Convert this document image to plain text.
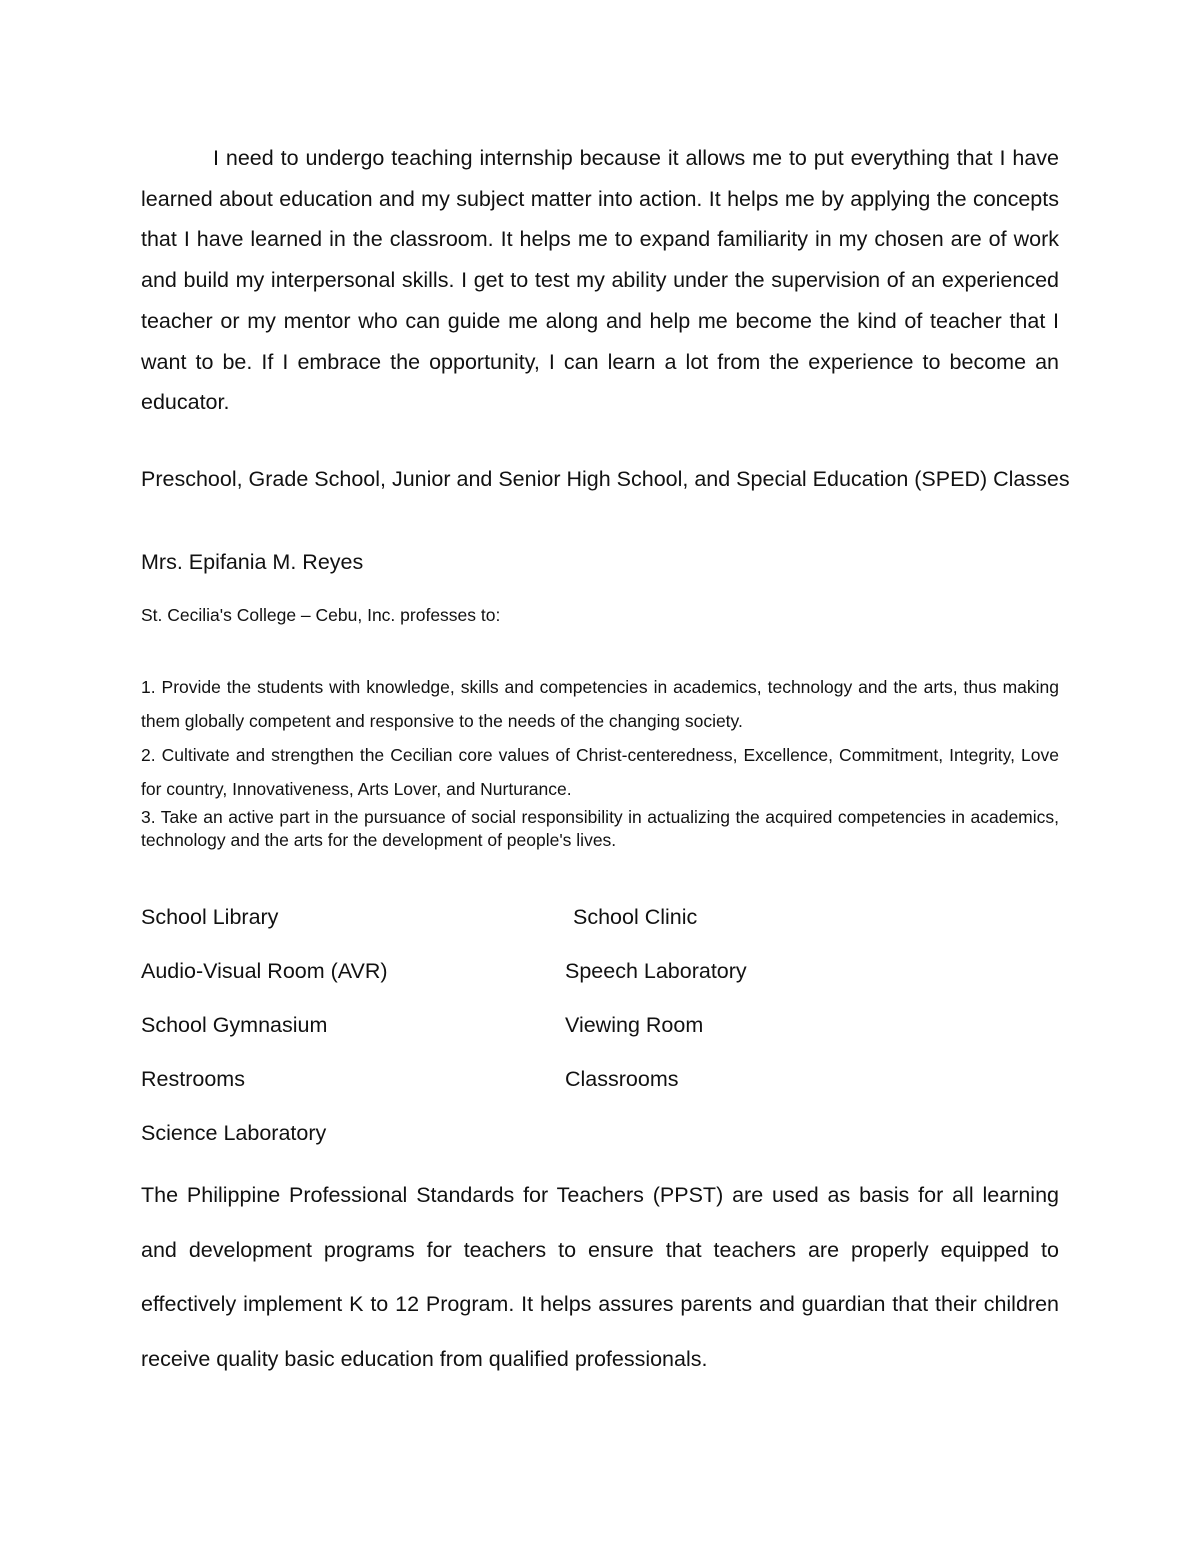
I need to undergo teaching internship because it allows me to put everything that I have learned about education and my subject matter into action. It helps me by applying the concepts that I have learned in the classroom. It helps me to expand familiarity in my chosen are of work and build my interpersonal skills. I get to test my ability under the supervision of an experienced teacher or my mentor who can guide me along and help me become the kind of teacher that I want to be. If I embrace the opportunity, I can learn a lot from the experience to become an educator.

Preschool, Grade School, Junior and Senior High School, and Special Education (SPED) Classes

Mrs. Epifania M. Reyes

St. Cecilia's College – Cebu, Inc. professes to:

1. Provide the students with knowledge, skills and competencies in academics, technology and the arts, thus making them globally competent and responsive to the needs of the changing society.

2. Cultivate and strengthen the Cecilian core values of Christ-centeredness, Excellence, Commitment, Integrity, Love for country, Innovativeness, Arts Lover, and Nurturance.

3. Take an active part in the pursuance of social responsibility in actualizing the acquired competencies in academics, technology and the arts for the development of people's lives.

School Library	School Clinic
Audio-Visual Room (AVR)	Speech Laboratory
School Gymnasium	Viewing Room
Restrooms	Classrooms
Science Laboratory

The Philippine Professional Standards for Teachers (PPST) are used as basis for all learning and development programs for teachers to ensure that teachers are properly equipped to effectively implement K to 12 Program. It helps assures parents and guardian that their children receive quality basic education from qualified professionals.
